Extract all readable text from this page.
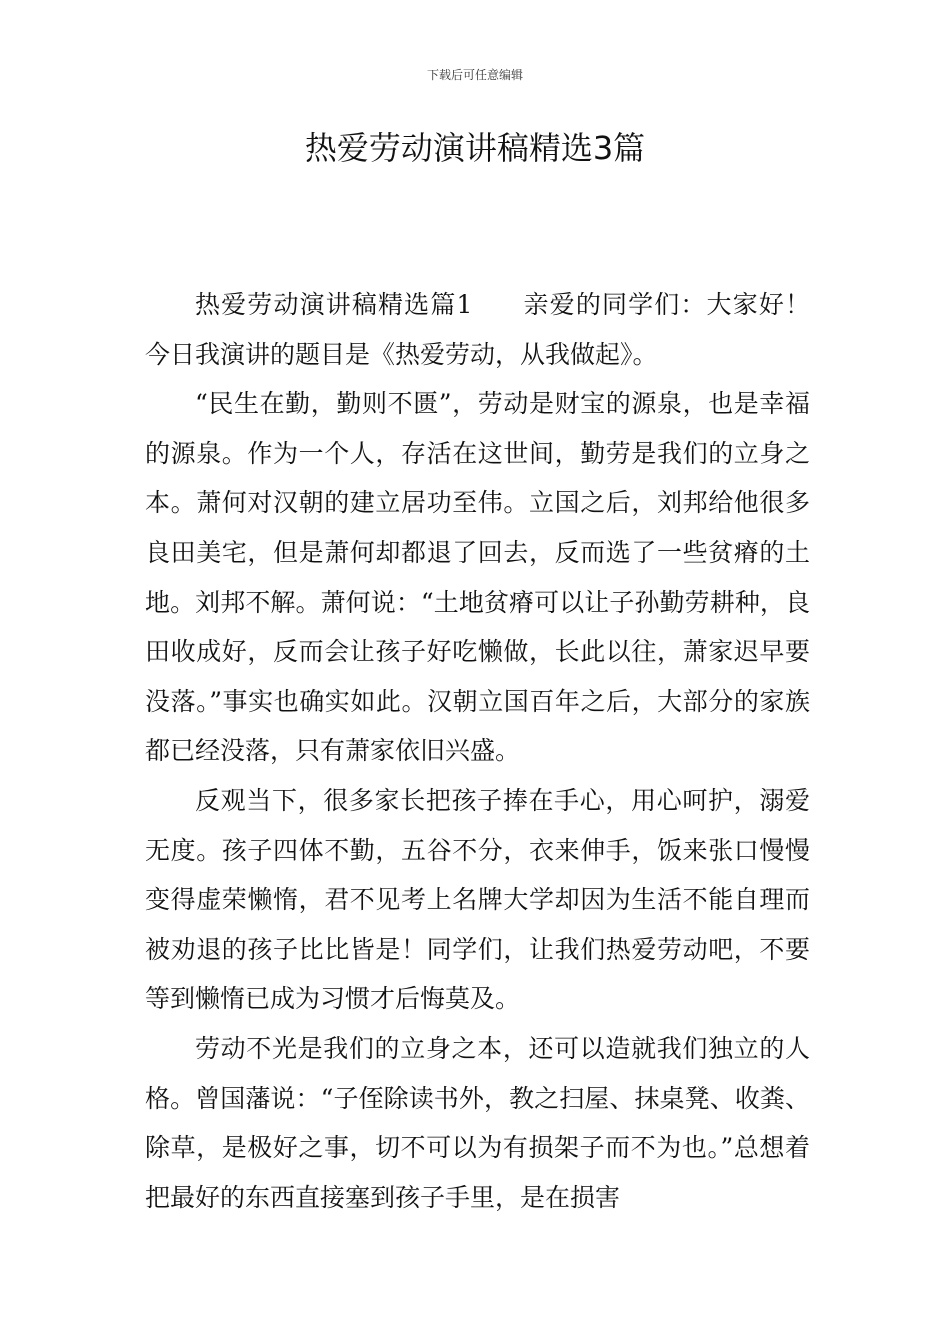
下载后可任意编辑
热爱劳动演讲稿精选3篇

热爱劳动演讲稿精选篇1 亲爱的同学们：大家好！今日我演讲的题目是《热爱劳动，从我做起》。

“民生在勤，勤则不匮”，劳动是财宝的源泉，也是幸福的源泉。作为一个人，存活在这世间，勤劳是我们的立身之本。萧何对汉朝的建立居功至伟。立国之后，刘邦给他很多良田美宅，但是萧何却都退了回去，反而选了一些贫瘠的土地。刘邦不解。萧何说：“土地贫瘠可以让子孙勤劳耕种，良田收成好，反而会让孩子好吃懒做，长此以往，萧家迟早要没落。”事实也确实如此。汉朝立国百年之后，大部分的家族都已经没落，只有萧家依旧兴盛。

反观当下，很多家长把孩子捧在手心，用心呵护，溺爱无度。孩子四体不勤，五谷不分，衣来伸手，饭来张口慢慢变得虚荣懒惰，君不见考上名牌大学却因为生活不能自理而被劝退的孩子比比皆是！同学们，让我们热爱劳动吧，不要等到懒惰已成为习惯才后悔莫及。

劳动不光是我们的立身之本，还可以造就我们独立的人格。曾国藩说：“子侄除读书外，教之扫屋、抹桌凳、收粪、除草，是极好之事，切不可以为有损架子而不为也。”总想着把最好的东西直接塞到孩子手里，是在损害
